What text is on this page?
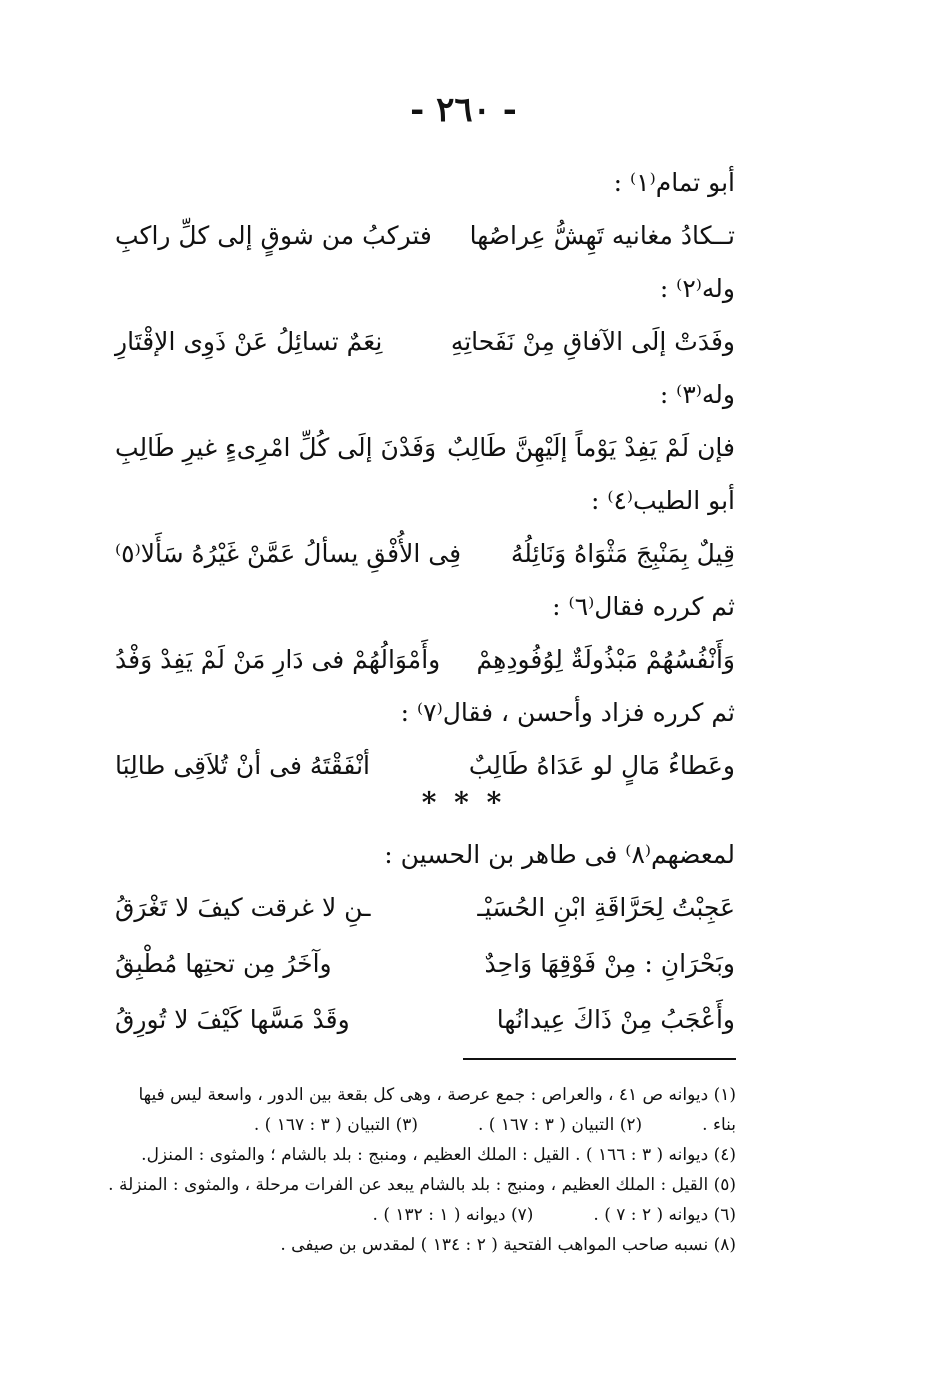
- ٢٦٠ -
أبو تمام⁽١⁾ :
تــكادُ مغانيه تَهِشُّ عِراصُها
فتركبُ من شوقٍ إلى كلِّ راكبِ
وله⁽٢⁾ :
وفَدَتْ إلَى الآفاقِ مِنْ نَفَحاتِهِ
نِعَمٌ تسائِلُ عَنْ ذَوِى الإقْتَارِ
وله⁽٣⁾ :
فإن لَمْ يَفِدْ يَوْماً إلَيْهِنَّ طَالِبٌ
وَفَدْنَ إلَى كُلِّ امْرِىءٍ غيرِ طَالِبِ
أبو الطيب⁽٤⁾ :
قِيلٌ بِمَنْبِجَ مَثْوَاهُ وَنَائِلُهُ
فِى الأُفْقِ يسألُ عَمَّنْ غَيْرُهُ سَأَلا⁽٥⁾
ثم كرره فقال⁽٦⁾ :
وَأَنْفُسُهُمْ مَبْذُولَةٌ لِوُفُودِهِمْ
وأَمْوَالُهُمْ فى دَارِ مَنْ لَمْ يَفِدْ وَفْدُ
ثم كرره فزاد وأحسن ، فقال⁽٧⁾ :
وعَطاءُ مَالٍ لو عَدَاهُ طَالِبٌ
أنْفَقْتَهُ فى أنْ تُلاَقِى طالِبَا
* * *
لمعضهم⁽٨⁾ فى طاهر بن الحسين :
عَجِبْتُ لِحَرَّاقَةِ ابْنِ الحُسَيْـ
ـنِ لا غرقت كيفَ لا تَغْرَقُ
وبَحْرَانِ : مِنْ فَوْقِهَا وَاحِدٌ
وآخَرُ مِن تحتِها مُطْبِقُ
وأَعْجَبُ مِنْ ذَاكَ عِيدانُها
وقَدْ مَسَّها كَيْفَ لا تُورِقُ
(١) ديوانه ص ٤١ ، والعراص : جمع عرصة ، وهى كل بقعة بين الدور ، واسعة ليس فيها
بناء .
(٢) التبيان ( ٣ : ١٦٧ ) .
(٣) التبيان ( ٣ : ١٦٧ ) .
(٤) ديوانه ( ٣ : ١٦٦ ) . القيل : الملك العظيم ، ومنبج : بلد بالشام ؛ والمثوى : المنزل.
(٥) القيل : الملك العظيم ، ومنبج : بلد بالشام يبعد عن الفرات مرحلة ، والمثوى : المنزلة .
(٦) ديوانه ( ٢ : ٧ ) .
(٧) ديوانه ( ١ : ١٣٢ ) .
(٨) نسبه صاحب المواهب الفتحية ( ٢ : ١٣٤ ) لمقدس بن صيفى .
